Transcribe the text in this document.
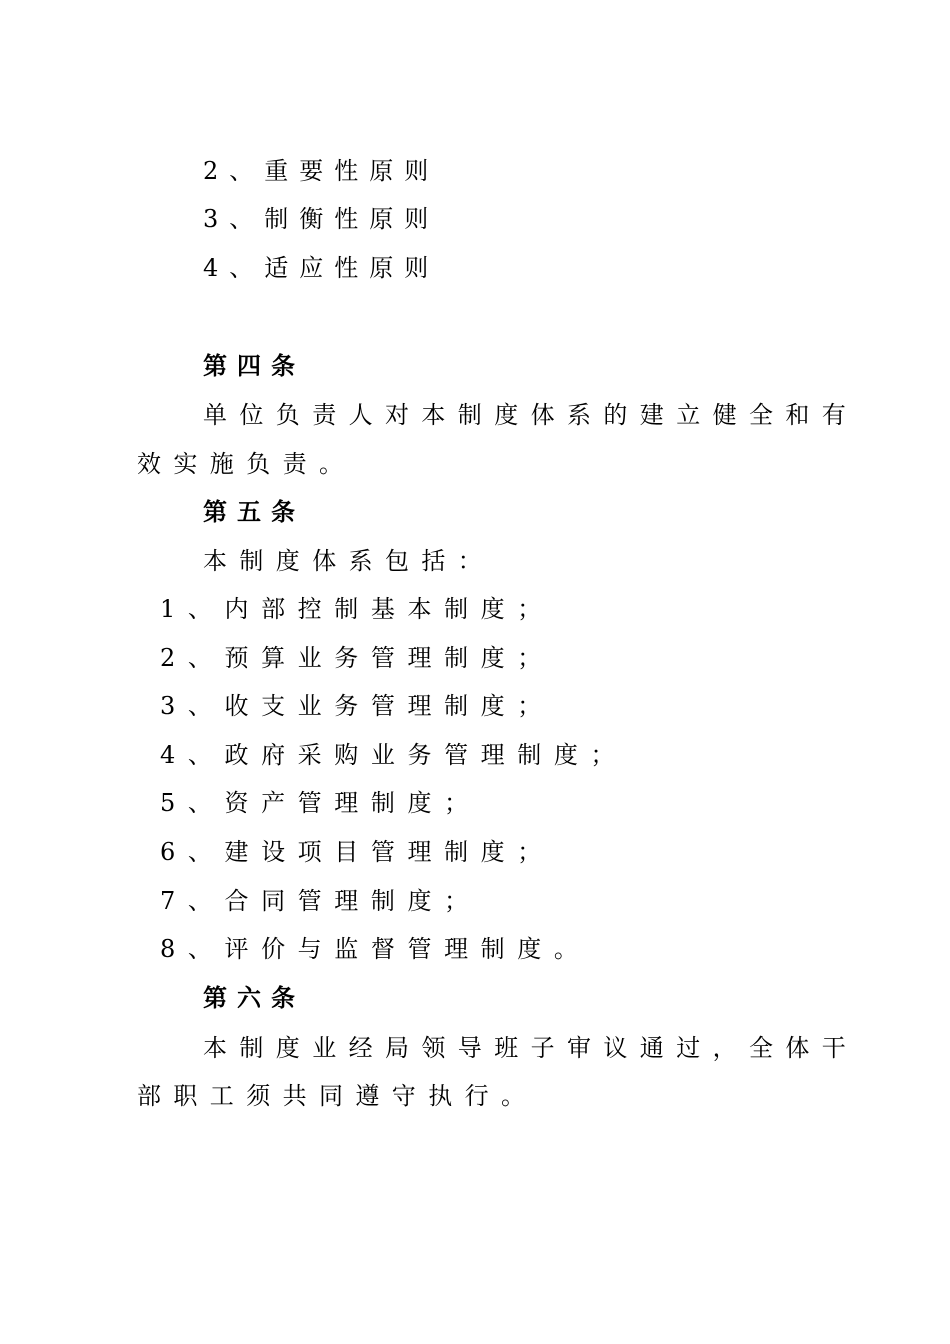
2、重要性原则
3、制衡性原则
4、适应性原则
第四条
单位负责人对本制度体系的建立健全和有
效实施负责。
第五条
本制度体系包括：
1、内部控制基本制度；
2、预算业务管理制度；
3、收支业务管理制度；
4、政府采购业务管理制度；
5、资产管理制度；
6、建设项目管理制度；
7、合同管理制度；
8、评价与监督管理制度。
第六条
本制度业经局领导班子审议通过，全体干
部职工须共同遵守执行。
